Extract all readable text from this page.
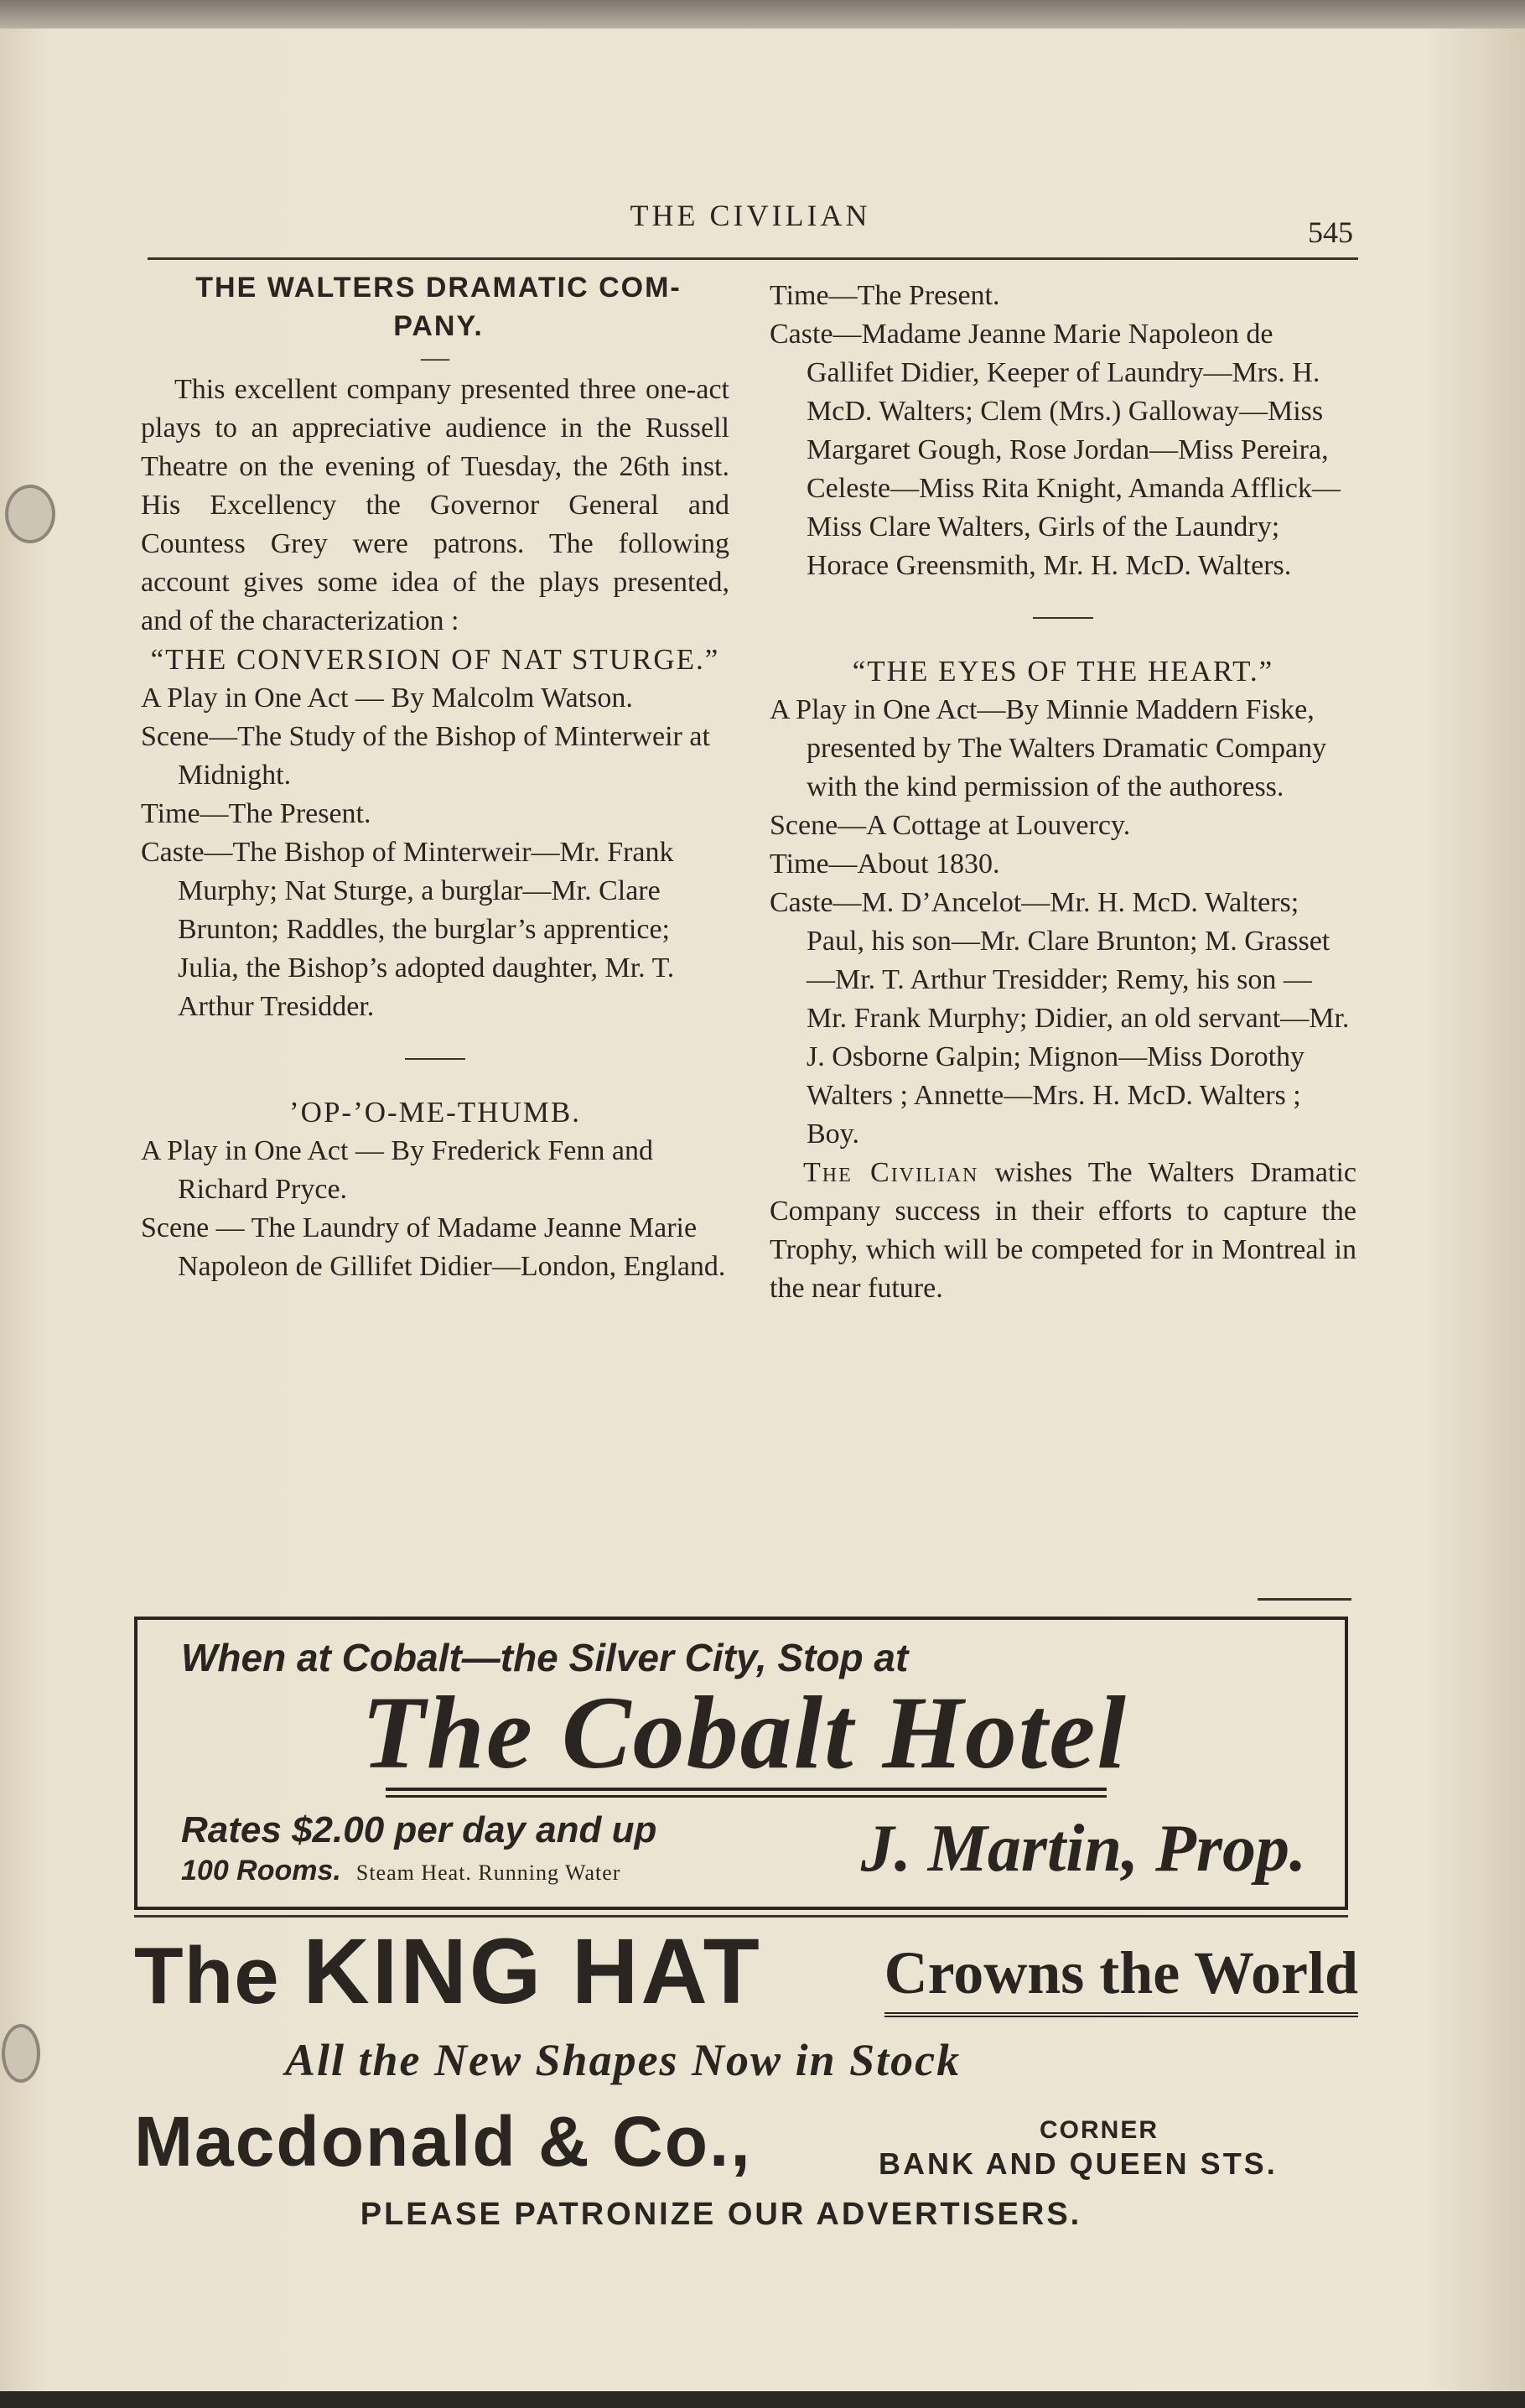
THE CIVILIAN	545

THE WALTERS DRAMATIC COM-
PANY.

—

This excellent company presented three one-act plays to an appreciative audience in the Russell Theatre on the evening of Tuesday, the 26th inst. His Excellency the Governor General and Countess Grey were patrons. The following account gives some idea of the plays presented, and of the characterization :

“THE CONVERSION OF NAT STURGE.”

A Play in One Act — By Malcolm Watson.

Scene—The Study of the Bishop of Minterweir at Midnight.

Time—The Present.

Caste—The Bishop of Minterweir—Mr. Frank Murphy; Nat Sturge, a burglar—Mr. Clare Brunton; Raddles, the burglar’s apprentice; Julia, the Bishop’s adopted daughter, Mr. T. Arthur Tresidder.

’OP-’O-ME-THUMB.

A Play in One Act — By Frederick Fenn and Richard Pryce.

Scene — The Laundry of Madame Jeanne Marie Napoleon de Gillifet Didier—London, England.

Time—The Present.

Caste—Madame Jeanne Marie Napoleon de Gallifet Didier, Keeper of Laundry—Mrs. H. McD. Walters; Clem (Mrs.) Galloway—Miss Margaret Gough, Rose Jordan—Miss Pereira, Celeste—Miss Rita Knight, Amanda Afflick—Miss Clare Walters, Girls of the Laundry; Horace Greensmith, Mr. H. McD. Walters.

“THE EYES OF THE HEART.”

A Play in One Act—By Minnie Maddern Fiske, presented by The Walters Dramatic Company with the kind permission of the authoress.

Scene—A Cottage at Louvercy.

Time—About 1830.

Caste—M. D’Ancelot—Mr. H. McD. Walters; Paul, his son—Mr. Clare Brunton; M. Grasset—Mr. T. Arthur Tresidder; Remy, his son — Mr. Frank Murphy; Didier, an old servant—Mr. J. Osborne Galpin; Mignon—Miss Dorothy Walters ; Annette—Mrs. H. McD. Walters ; Boy.

The Civilian wishes The Walters Dramatic Company success in their efforts to capture the Trophy, which will be competed for in Montreal in the near future.

When at Cobalt—the Silver City, Stop at
The Cobalt Hotel
Rates $2.00 per day and up
100 Rooms. Steam Heat. Running Water	J. Martin, Prop.
The KING HAT Crowns the World
All the New Shapes Now in Stock
Macdonald & Co.,	CORNER
BANK AND QUEEN STS.
PLEASE PATRONIZE OUR ADVERTISERS.
